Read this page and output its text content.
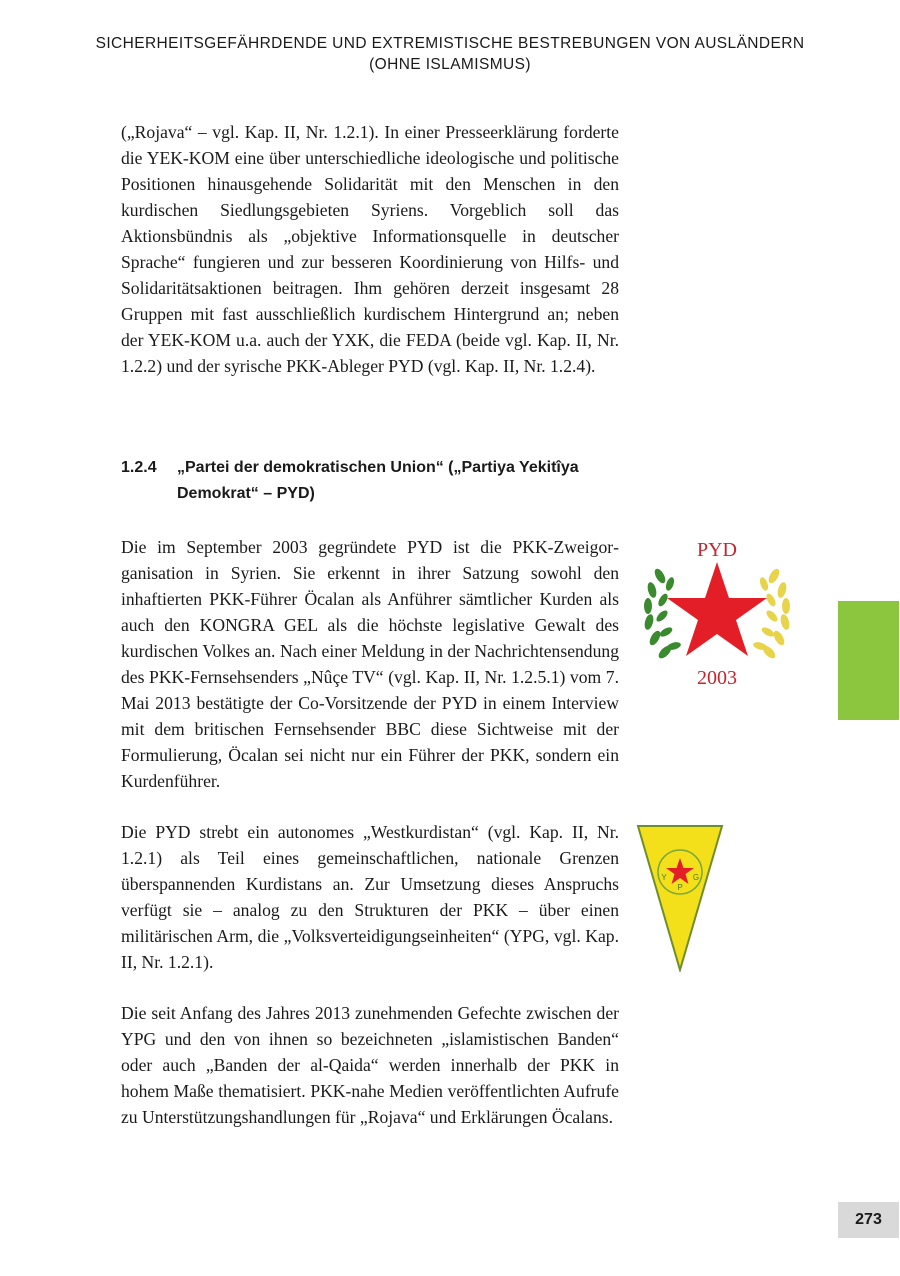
SICHERHEITSGEFÄHRDENDE UND EXTREMISTISCHE BESTREBUNGEN VON AUSLÄNDERN
(OHNE ISLAMISMUS)
(„Rojava“ – vgl. Kap. II, Nr. 1.2.1). In einer Presseerklärung forderte die YEK-KOM eine über unterschiedliche ideologische und politische Positionen hinausgehende Solidarität mit den Menschen in den kurdischen Siedlungsgebieten Syriens. Vorgeblich soll das Aktionsbündnis als „objektive Informationsquelle in deutscher Sprache“ fungieren und zur besseren Koordinierung von Hilfs- und Solidaritätsaktionen beitragen. Ihm gehören derzeit insgesamt 28 Gruppen mit fast ausschließlich kurdischem Hintergrund an; neben der YEK-KOM u.a. auch der YXK, die FEDA (beide vgl. Kap. II, Nr. 1.2.2) und der syrische PKK-Ableger PYD (vgl. Kap. II, Nr. 1.2.4).
1.2.4 „Partei der demokratischen Union“ („Partiya Yekitîya Demokrat“ – PYD)
Die im September 2003 gegründete PYD ist die PKK-Zweigorganisation in Syrien. Sie erkennt in ihrer Satzung sowohl den inhaftierten PKK-Führer Öcalan als Anführer sämtlicher Kurden als auch den KONGRA GEL als die höchste legislative Gewalt des kurdischen Volkes an. Nach einer Meldung in der Nachrichtensendung des PKK-Fernsehsenders „Nûçe TV“ (vgl. Kap. II, Nr. 1.2.5.1) vom 7. Mai 2013 bestätigte der Co-Vorsitzende der PYD in einem Interview mit dem britischen Fernsehsender BBC diese Sichtweise mit der Formulierung, Öcalan sei nicht nur ein Führer der PKK, sondern ein Kurdenführer.
Die PYD strebt ein autonomes „Westkurdistan“ (vgl. Kap. II, Nr. 1.2.1) als Teil eines gemeinschaftlichen, nationale Grenzen überspannenden Kurdistans an. Zur Umsetzung dieses Anspruchs verfügt sie – analog zu den Strukturen der PKK – über einen militärischen Arm, die „Volksverteidigungseinheiten“ (YPG, vgl. Kap. II, Nr. 1.2.1).
Die seit Anfang des Jahres 2013 zunehmenden Gefechte zwischen der YPG und den von ihnen so bezeichneten „islamistischen Banden“ oder auch „Banden der al-Qaida“ werden innerhalb der PKK in hohem Maße thematisiert. PKK-nahe Medien veröffentlichten Aufrufe zu Unterstützungshandlungen für „Rojava“ und Erklärungen Öcalans.
PYD
2003
Y
P
G
273
